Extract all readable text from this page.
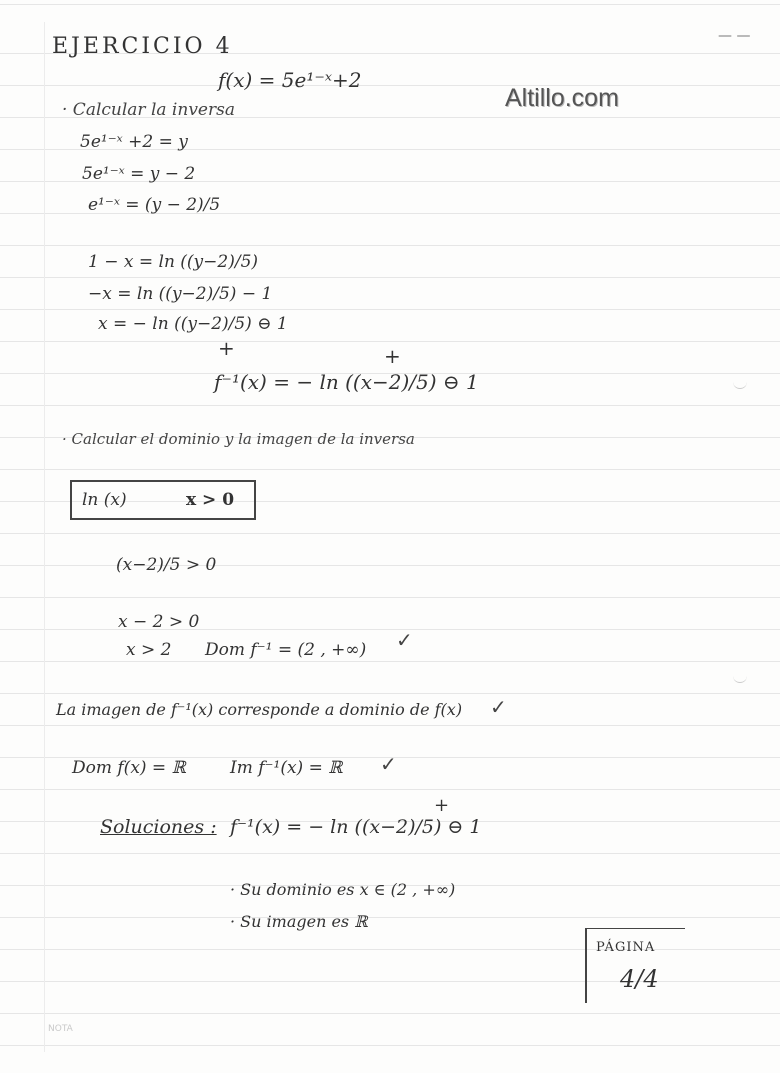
— —
EJERCICIO 4
f(x) = 5e¹⁻ˣ+2
Altillo.com
· Calcular la inversa
5e¹⁻ˣ +2 = y
5e¹⁻ˣ = y − 2
e¹⁻ˣ = (y − 2)/5
1 − x = ln ((y−2)/5)
−x = ln ((y−2)/5) − 1
x = − ln ((y−2)/5) ⊖ 1
+	+
f⁻¹(x) = − ln ((x−2)/5) ⊖ 1
· Calcular el dominio y la imagen de la inversa
ln (x)	x > 0
(x−2)/5 > 0
x − 2 > 0
x > 2 Dom f⁻¹ = (2 , +∞) ✓
La imagen de f⁻¹(x) corresponde a dominio de f(x) ✓
Dom f(x) = ℝ	Im f⁻¹(x) = ℝ ✓
Soluciones : f⁻¹(x) = − ln ((x−2)/5) ⊖ 1
+
· Su dominio es x ∈ (2 , +∞)
· Su imagen es ℝ
PÁGINA
4/4
NOTA
